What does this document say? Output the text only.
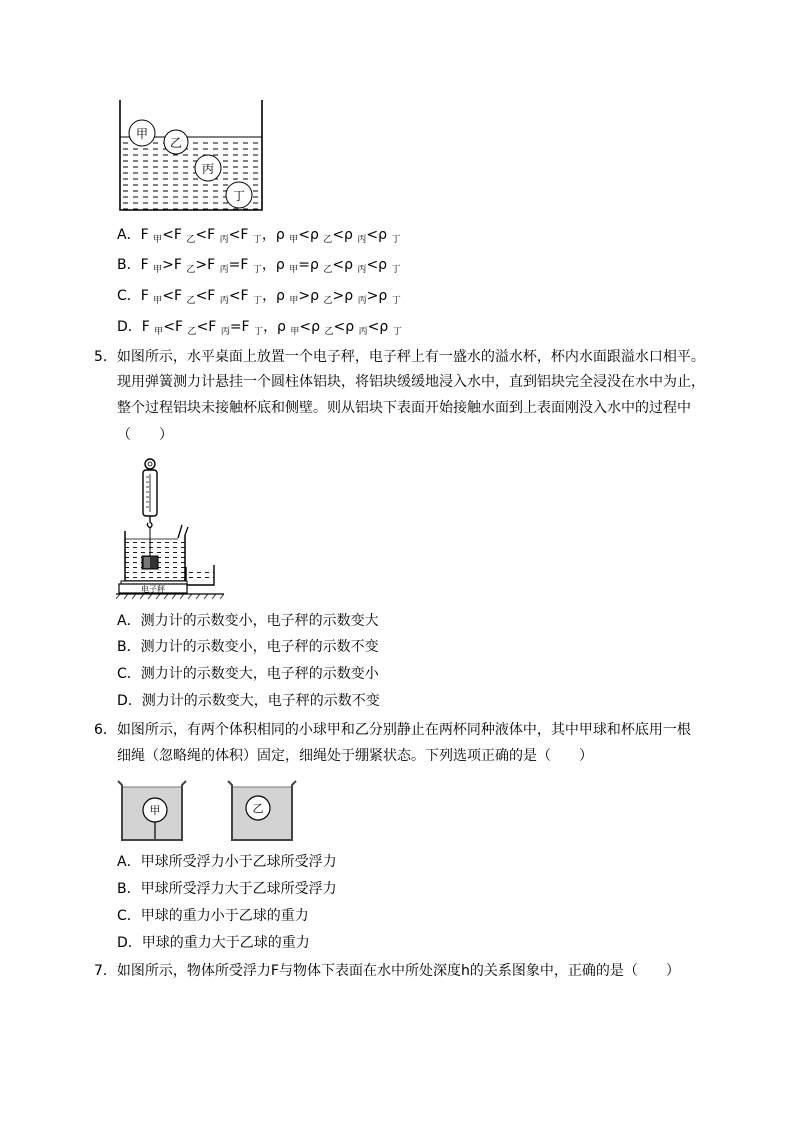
甲
乙
丙
丁
A．F $_甲$<F $_乙$<F $_丙$<F $_丁$，ρ $_甲$<ρ $_乙$<ρ $_丙$<ρ $_丁$
B．F $_甲$>F $_乙$>F $_丙$=F $_丁$，ρ $_甲$=ρ $_乙$<ρ $_丙$<ρ $_丁$
C．F $_甲$<F $_乙$<F $_丙$<F $_丁$，ρ $_甲$>ρ $_乙$>ρ $_丙$>ρ $_丁$
D．F $_甲$<F $_乙$<F $_丙$=F $_丁$，ρ $_甲$<ρ $_乙$<ρ $_丙$<ρ $_丁$
5．如图所示，水平桌面上放置一个电子秤，电子秤上有一盛水的溢水杯，杯内水面跟溢水口相平。
现用弹簧测力计悬挂一个圆柱体铝块，将铝块缓缓地浸入水中，直到铝块完全浸没在水中为止，
整个过程铝块未接触杯底和侧壁。则从铝块下表面开始接触水面到上表面刚没入水中的过程中
（　　）
电子秤
A．测力计的示数变小，电子秤的示数变大
B．测力计的示数变小，电子秤的示数不变
C．测力计的示数变大，电子秤的示数变小
D．测力计的示数变大，电子秤的示数不变
6．如图所示，有两个体积相同的小球甲和乙分别静止在两杯同种液体中，其中甲球和杯底用一根
细绳（忽略绳的体积）固定，细绳处于绷紧状态。下列选项正确的是（　　）
甲	乙
A．甲球所受浮力小于乙球所受浮力
B．甲球所受浮力大于乙球所受浮力
C．甲球的重力小于乙球的重力
D．甲球的重力大于乙球的重力
7．如图所示，物体所受浮力F与物体下表面在水中所处深度h的关系图象中，正确的是（　　）
